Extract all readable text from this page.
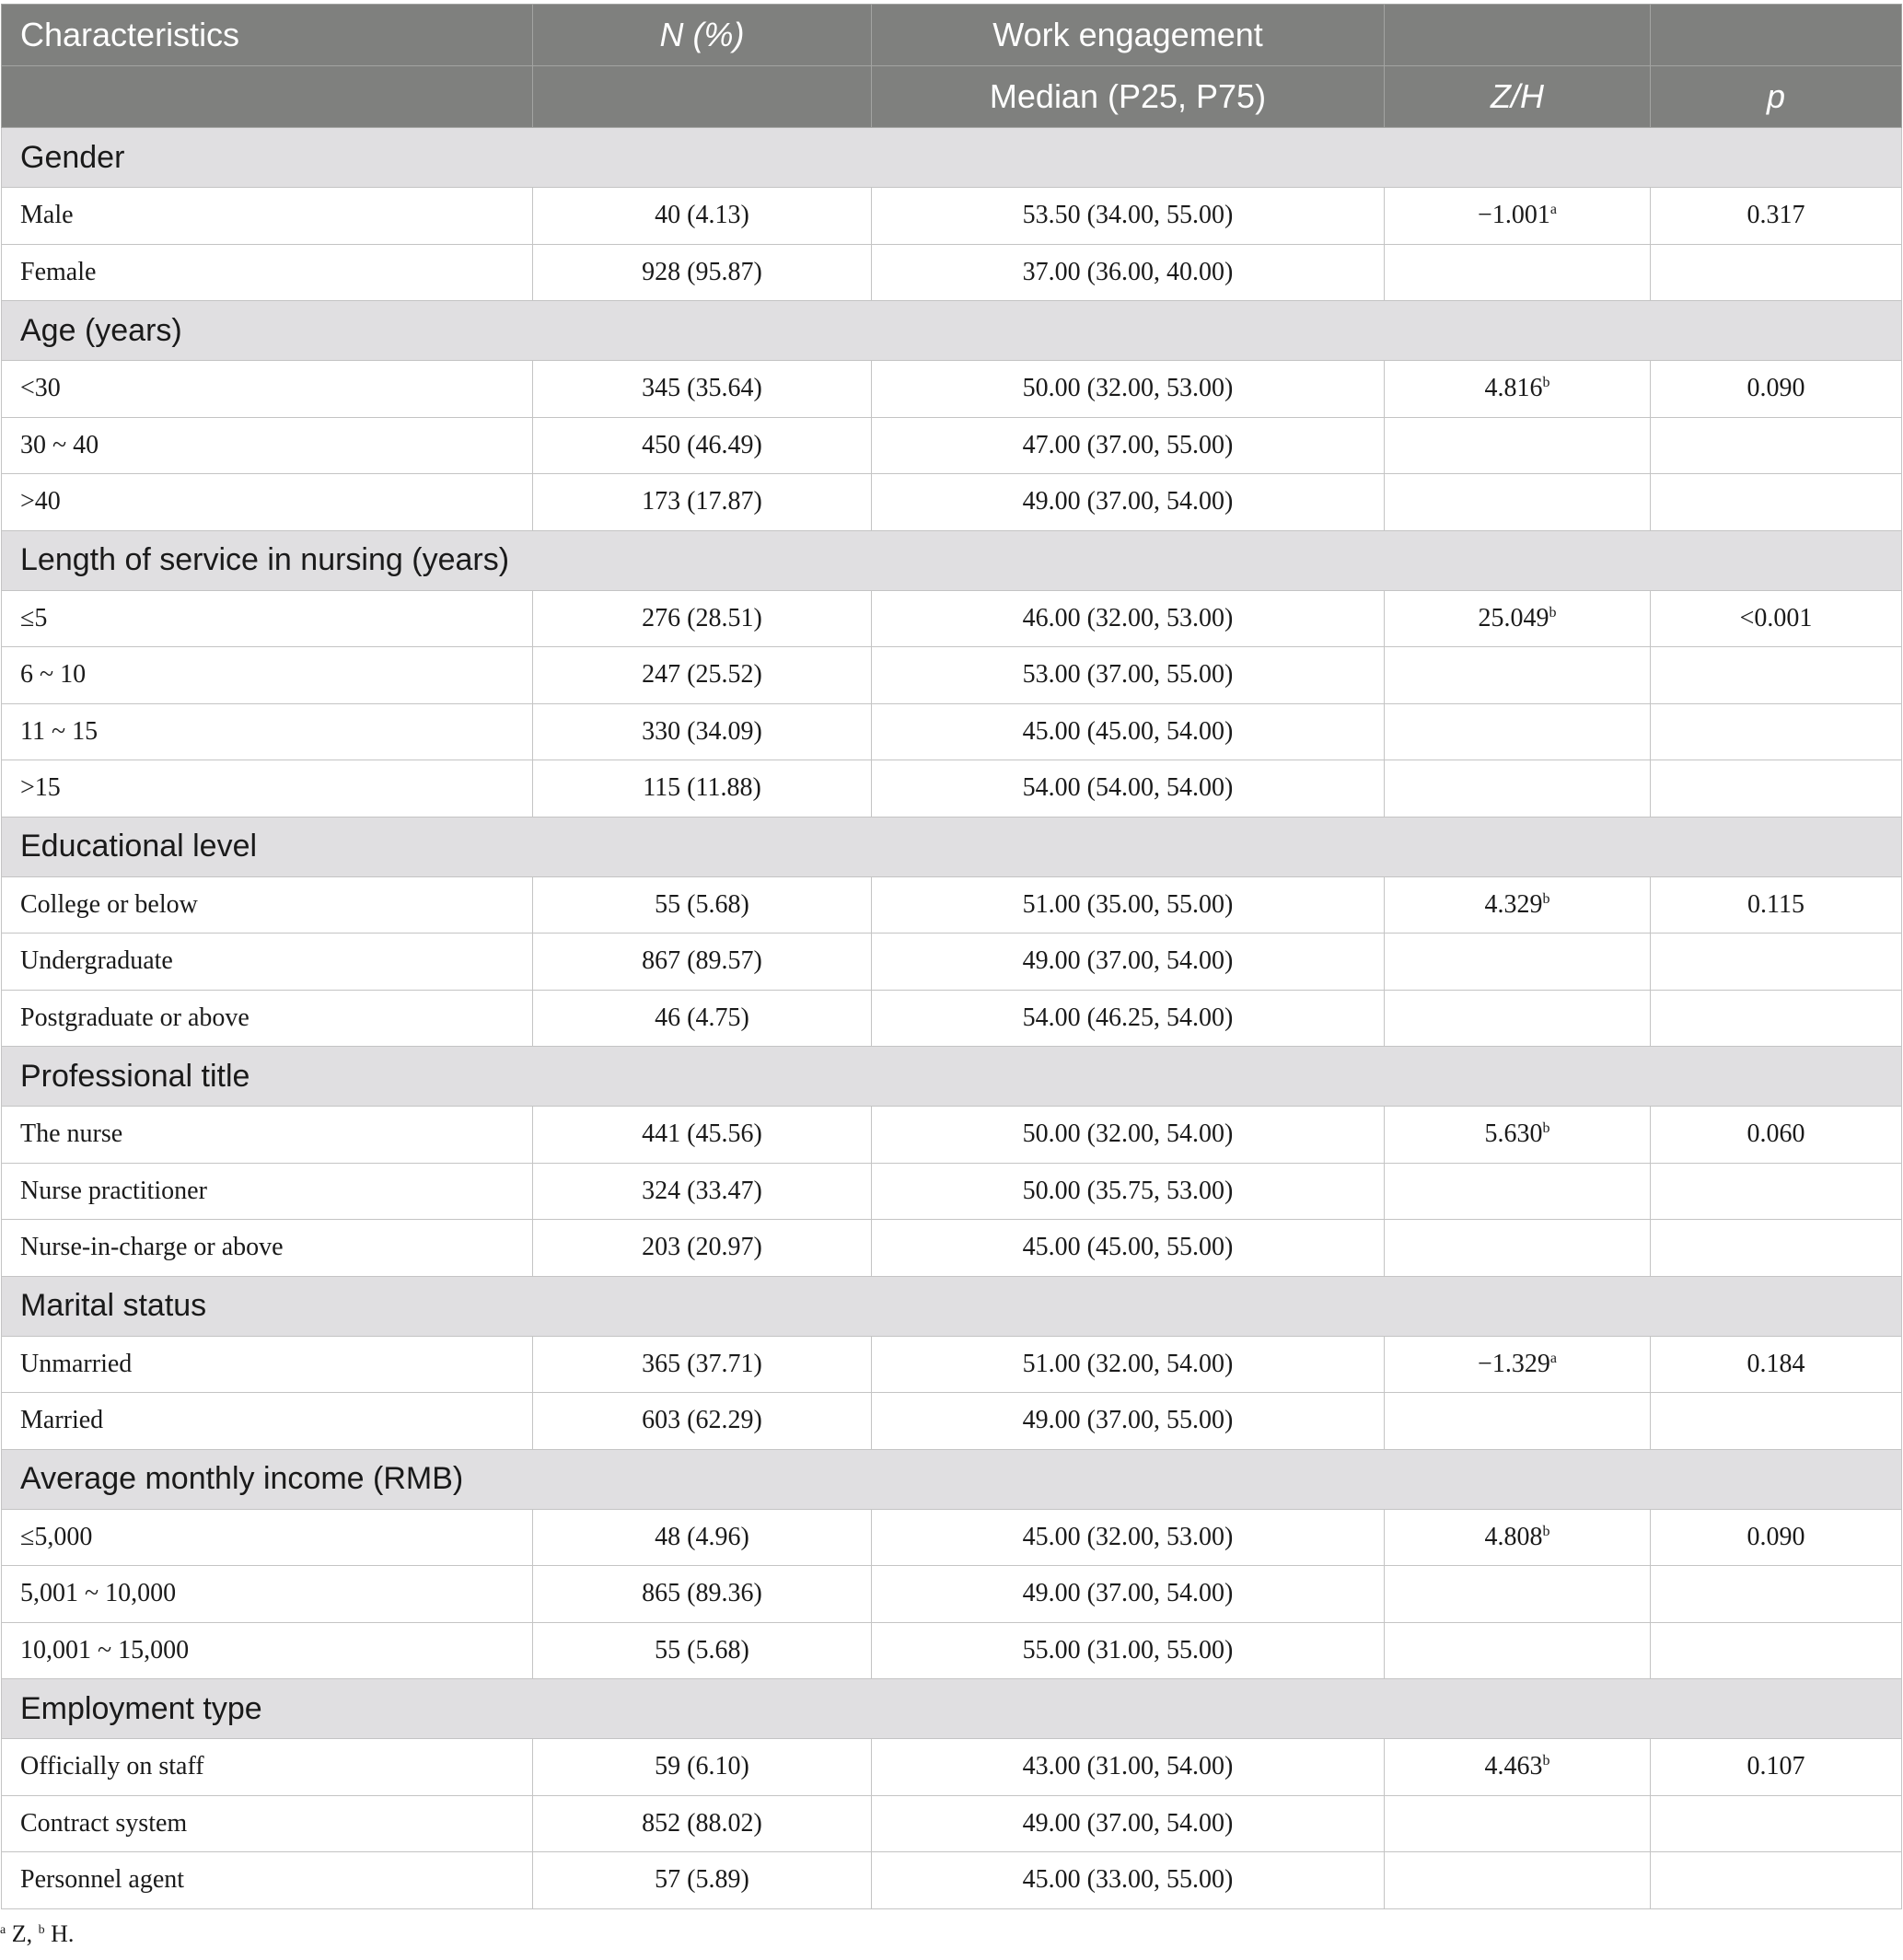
Characteristics	N (%)	Work engagement		
		Median (P25, P75)	Z/H	p
Gender				
Male	40 (4.13)	53.50 (34.00, 55.00)	−1.001$^a$	0.317
Female	928 (95.87)	37.00 (36.00, 40.00)		
Age (years)				
<30	345 (35.64)	50.00 (32.00, 53.00)	4.816$^b$	0.090
30 ~ 40	450 (46.49)	47.00 (37.00, 55.00)		
>40	173 (17.87)	49.00 (37.00, 54.00)		
Length of service in nursing (years)				
≤5	276 (28.51)	46.00 (32.00, 53.00)	25.049$^b$	<0.001
6 ~ 10	247 (25.52)	53.00 (37.00, 55.00)		
11 ~ 15	330 (34.09)	45.00 (45.00, 54.00)		
>15	115 (11.88)	54.00 (54.00, 54.00)		
Educational level				
College or below	55 (5.68)	51.00 (35.00, 55.00)	4.329$^b$	0.115
Undergraduate	867 (89.57)	49.00 (37.00, 54.00)		
Postgraduate or above	46 (4.75)	54.00 (46.25, 54.00)		
Professional title				
The nurse	441 (45.56)	50.00 (32.00, 54.00)	5.630$^b$	0.060
Nurse practitioner	324 (33.47)	50.00 (35.75, 53.00)		
Nurse-in-charge or above	203 (20.97)	45.00 (45.00, 55.00)		
Marital status				
Unmarried	365 (37.71)	51.00 (32.00, 54.00)	−1.329$^a$	0.184
Married	603 (62.29)	49.00 (37.00, 55.00)		
Average monthly income (RMB)				
≤5,000	48 (4.96)	45.00 (32.00, 53.00)	4.808$^b$	0.090
5,001 ~ 10,000	865 (89.36)	49.00 (37.00, 54.00)		
10,001 ~ 15,000	55 (5.68)	55.00 (31.00, 55.00)		
Employment type				
Officially on staff	59 (6.10)	43.00 (31.00, 54.00)	4.463$^b$	0.107
Contract system	852 (88.02)	49.00 (37.00, 54.00)		
Personnel agent	57 (5.89)	45.00 (33.00, 55.00)		
$^a$ Z, $^b$ H.
